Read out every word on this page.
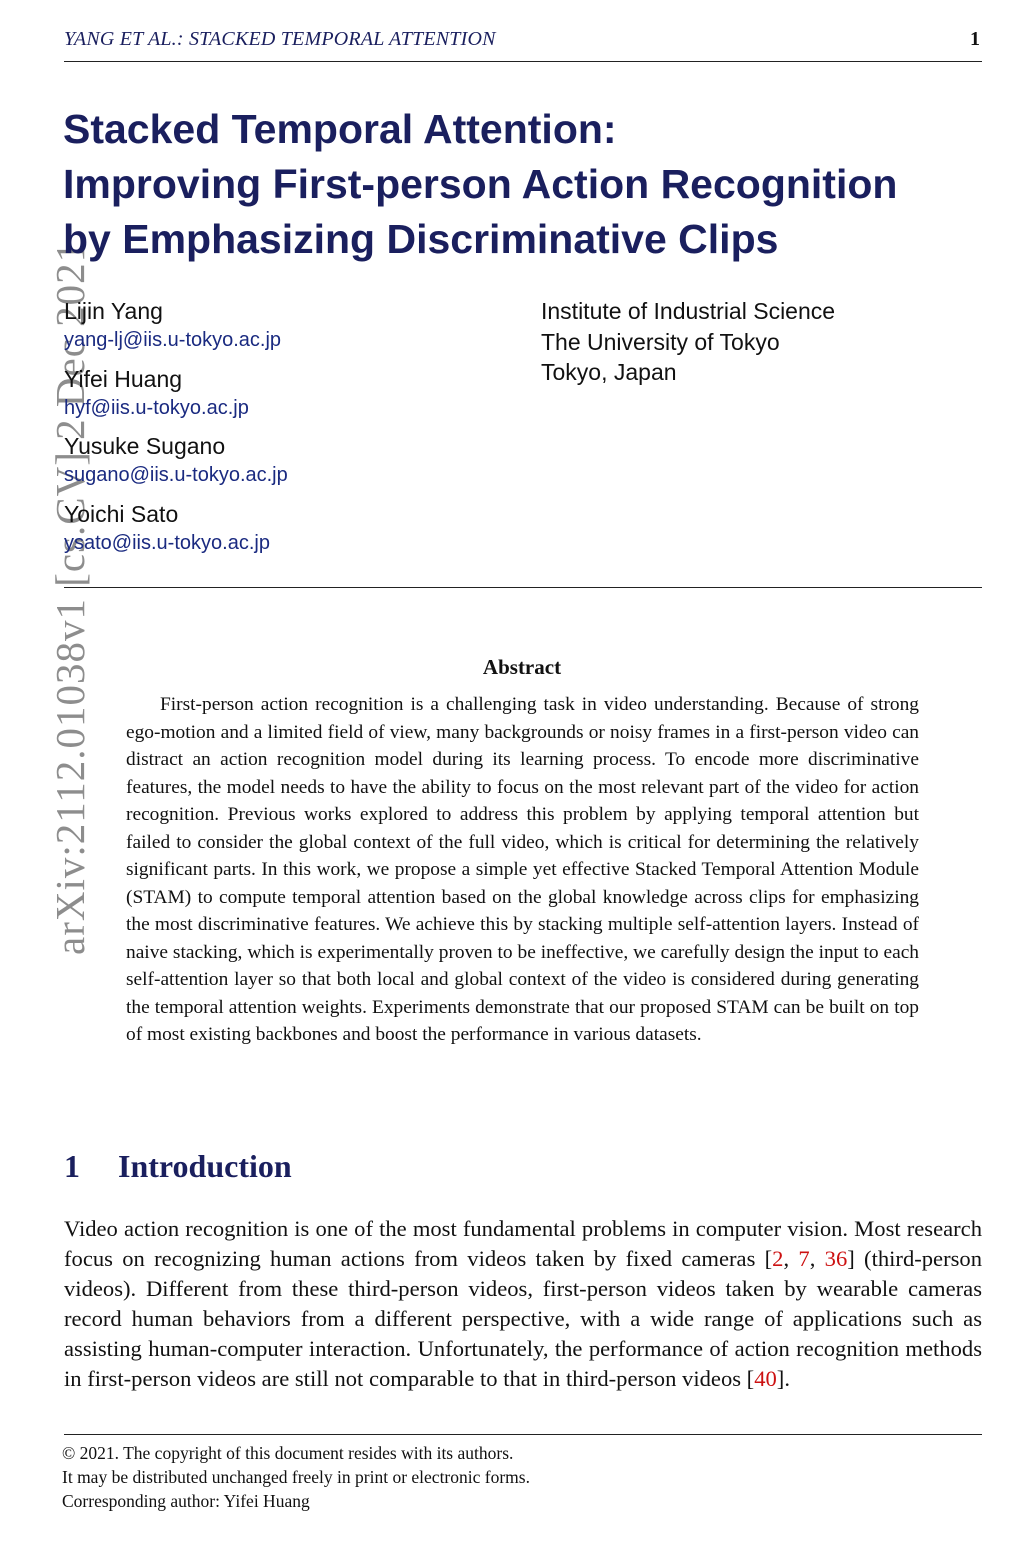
YANG ET AL.: STACKED TEMPORAL ATTENTION	1
arXiv:2112.01038v1 [cs.CV] 2 Dec 2021
Stacked Temporal Attention:
Improving First-person Action Recognition
by Emphasizing Discriminative Clips
Lijin Yang
yang-lj@iis.u-tokyo.ac.jp
Yifei Huang
hyf@iis.u-tokyo.ac.jp
Yusuke Sugano
sugano@iis.u-tokyo.ac.jp
Yoichi Sato
ysato@iis.u-tokyo.ac.jp
Institute of Industrial Science
The University of Tokyo
Tokyo, Japan
Abstract
First-person action recognition is a challenging task in video understanding. Because of strong ego-motion and a limited field of view, many backgrounds or noisy frames in a first-person video can distract an action recognition model during its learning process. To encode more discriminative features, the model needs to have the ability to focus on the most relevant part of the video for action recognition. Previous works explored to address this problem by applying temporal attention but failed to consider the global context of the full video, which is critical for determining the relatively significant parts. In this work, we propose a simple yet effective Stacked Temporal Attention Module (STAM) to compute temporal attention based on the global knowledge across clips for emphasizing the most discriminative features. We achieve this by stacking multiple self-attention layers. Instead of naive stacking, which is experimentally proven to be ineffective, we carefully design the input to each self-attention layer so that both local and global context of the video is considered during generating the temporal attention weights. Experiments demonstrate that our proposed STAM can be built on top of most existing backbones and boost the performance in various datasets.
1 Introduction
Video action recognition is one of the most fundamental problems in computer vision. Most research focus on recognizing human actions from videos taken by fixed cameras [2, 7, 36] (third-person videos). Different from these third-person videos, first-person videos taken by wearable cameras record human behaviors from a different perspective, with a wide range of applications such as assisting human-computer interaction. Unfortunately, the performance of action recognition methods in first-person videos are still not comparable to that in third-person videos [40].
© 2021. The copyright of this document resides with its authors.
It may be distributed unchanged freely in print or electronic forms.
Corresponding author: Yifei Huang
